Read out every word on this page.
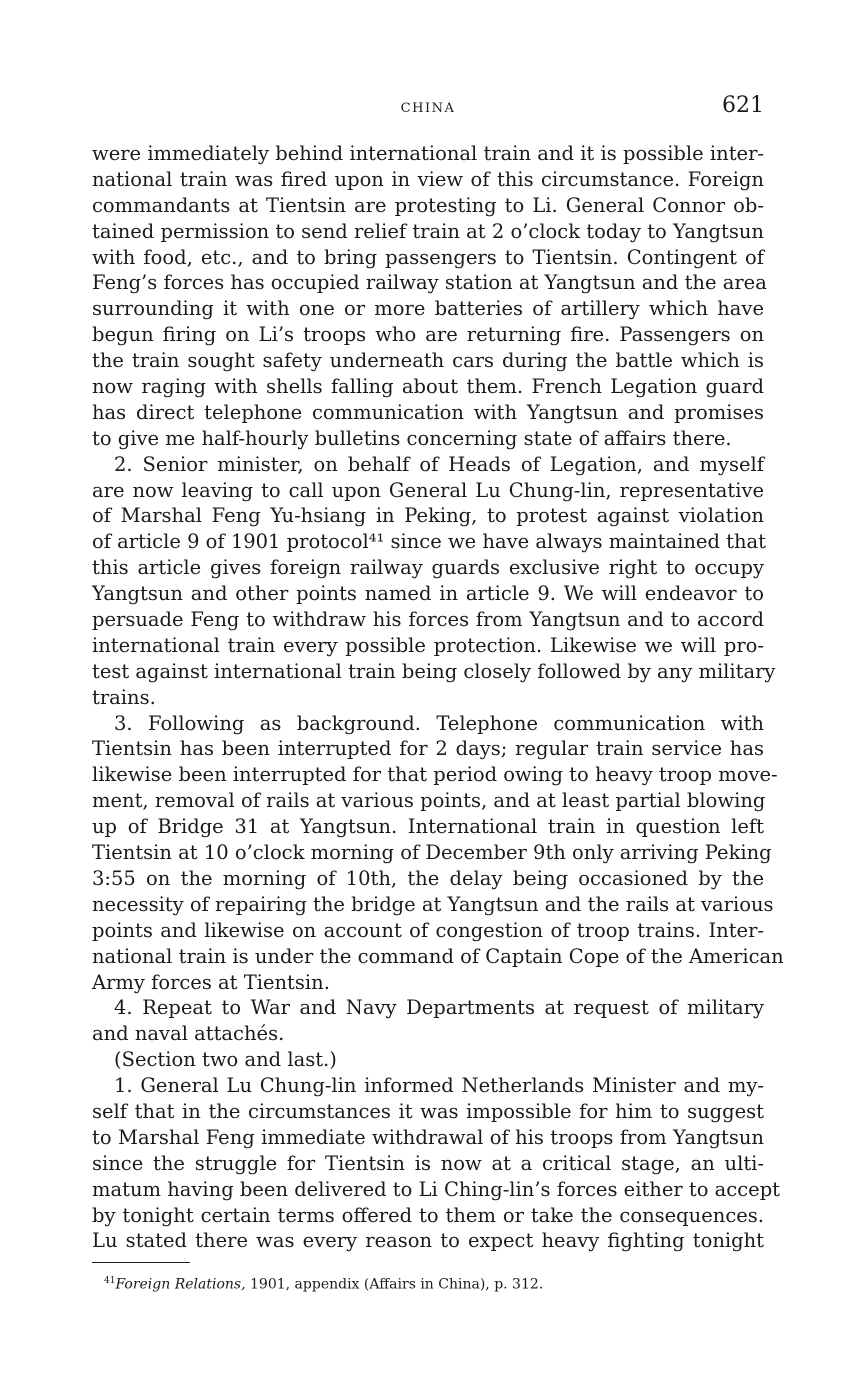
CHINA	621
were immediately behind international train and it is possible inter-
national train was fired upon in view of this circumstance. Foreign
commandants at Tientsin are protesting to Li. General Connor ob-
tained permission to send relief train at 2 o’clock today to Yangtsun
with food, etc., and to bring passengers to Tientsin. Contingent of
Feng’s forces has occupied railway station at Yangtsun and the area
surrounding it with one or more batteries of artillery which have
begun firing on Li’s troops who are returning fire. Passengers on
the train sought safety underneath cars during the battle which is
now raging with shells falling about them. French Legation guard
has direct telephone communication with Yangtsun and promises
to give me half-hourly bulletins concerning state of affairs there.
2. Senior minister, on behalf of Heads of Legation, and myself
are now leaving to call upon General Lu Chung-lin, representative
of Marshal Feng Yu-hsiang in Peking, to protest against violation
of article 9 of 1901 protocol⁴¹ since we have always maintained that
this article gives foreign railway guards exclusive right to occupy
Yangtsun and other points named in article 9. We will endeavor to
persuade Feng to withdraw his forces from Yangtsun and to accord
international train every possible protection. Likewise we will pro-
test against international train being closely followed by any military
trains.
3. Following as background. Telephone communication with
Tientsin has been interrupted for 2 days; regular train service has
likewise been interrupted for that period owing to heavy troop move-
ment, removal of rails at various points, and at least partial blowing
up of Bridge 31 at Yangtsun. International train in question left
Tientsin at 10 o’clock morning of December 9th only arriving Peking
3:55 on the morning of 10th, the delay being occasioned by the
necessity of repairing the bridge at Yangtsun and the rails at various
points and likewise on account of congestion of troop trains. Inter-
national train is under the command of Captain Cope of the American
Army forces at Tientsin.
4. Repeat to War and Navy Departments at request of military
and naval attachés.
(Section two and last.)
1. General Lu Chung-lin informed Netherlands Minister and my-
self that in the circumstances it was impossible for him to suggest
to Marshal Feng immediate withdrawal of his troops from Yangtsun
since the struggle for Tientsin is now at a critical stage, an ulti-
matum having been delivered to Li Ching-lin’s forces either to accept
by tonight certain terms offered to them or take the consequences.
Lu stated there was every reason to expect heavy fighting tonight
$^{41}$Foreign Relations, 1901, appendix (Affairs in China), p. 312.
